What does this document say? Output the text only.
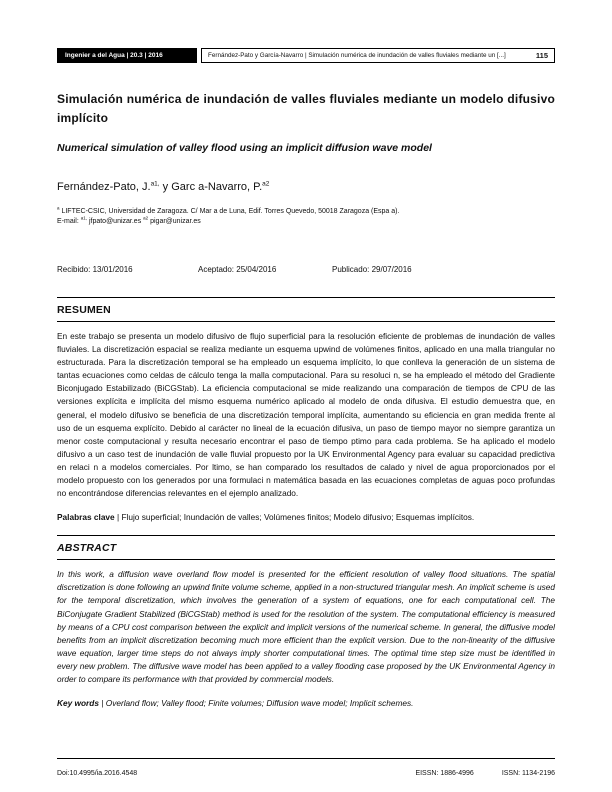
Ingenier a del Agua | 20.3 | 2016	Fernández-Pato y García-Navarro | Simulación numérica de inundación de valles fluviales mediante un [...]	115
Simulación numérica de inundación de valles fluviales mediante un modelo difusivo implícito
Numerical simulation of valley flood using an implicit diffusion wave model

Fernández-Pato, J.$^{a1,}$ y Garc a-Navarro, P.$^{a2}$

$^a$ LIFTEC-CSIC, Universidad de Zaragoza. C/ Mar a de Luna, Edif. Torres Quevedo, 50018 Zaragoza (Espa a).
E-mail: $^{a1,}$ jfpato@unizar.es $^{a2}$ pigar@unizar.es

Recibido: 13/01/2016	Aceptado: 25/04/2016	Publicado: 29/07/2016

RESUMEN

En este trabajo se presenta un modelo difusivo de flujo superficial para la resolución eficiente de problemas de inundación de valles fluviales. La discretización espacial se realiza mediante un esquema upwind de volúmenes finitos, aplicado en una malla triangular no estructurada. Para la discretización temporal se ha empleado un esquema implícito, lo que conlleva la generación de un sistema de tantas ecuaciones como celdas de cálculo tenga la malla computacional. Para su resoluci n, se ha empleado el método del Gradiente Biconjugado Estabilizado (BiCGStab). La eficiencia computacional se mide realizando una comparación de tiempos de CPU de las versiones explícita e implícita del mismo esquema numérico aplicado al modelo de onda difusiva. El estudio demuestra que, en general, el modelo difusivo se beneficia de una discretización temporal implícita, aumentando su eficiencia en gran medida frente al uso de un esquema explícito. Debido al carácter no lineal de la ecuación difusiva, un paso de tiempo mayor no siempre garantiza un menor coste computacional y resulta necesario encontrar el paso de tiempo ptimo para cada problema. Se ha aplicado el modelo difusivo a un caso test de inundación de valle fluvial propuesto por la UK Environmental Agency para evaluar su capacidad predictiva en relaci n a modelos comerciales. Por ltimo, se han comparado los resultados de calado y nivel de agua proporcionados por el modelo propuesto con los generados por una formulaci n matemática basada en las ecuaciones completas de aguas poco profundas no encontrándose diferencias relevantes en el ejemplo analizado.

Palabras clave | Flujo superficial; Inundación de valles; Volúmenes finitos; Modelo difusivo; Esquemas implícitos.

ABSTRACT

In this work, a diffusion wave overland flow model is presented for the efficient resolution of valley flood situations. The spatial discretization is done following an upwind finite volume scheme, applied in a non-structured triangular mesh. An implicit scheme is used for the temporal discretization, which involves the generation of a system of equations, one for each computational cell. The BiConjugate Gradient Stabilized (BiCGStab) method is used for the resolution of the system. The computational efficiency is measured by means of a CPU cost comparison between the explicit and implicit versions of the numerical scheme. In general, the diffusive model benefits from an implicit discretization becoming much more efficient than the explicit version. Due to the non-linearity of the diffusive wave equation, larger time steps do not always imply shorter computational times. The optimal time step size must be identified in every new problem. The diffusive wave model has been applied to a valley flooding case proposed by the UK Environmental Agency in order to compare its performance with that provided by commercial models.

Key words | Overland flow; Valley flood; Finite volumes; Diffusion wave model; Implicit schemes.

Doi:10.4995/ia.2016.4548	EISSN: 1886-4996	ISSN: 1134-2196
